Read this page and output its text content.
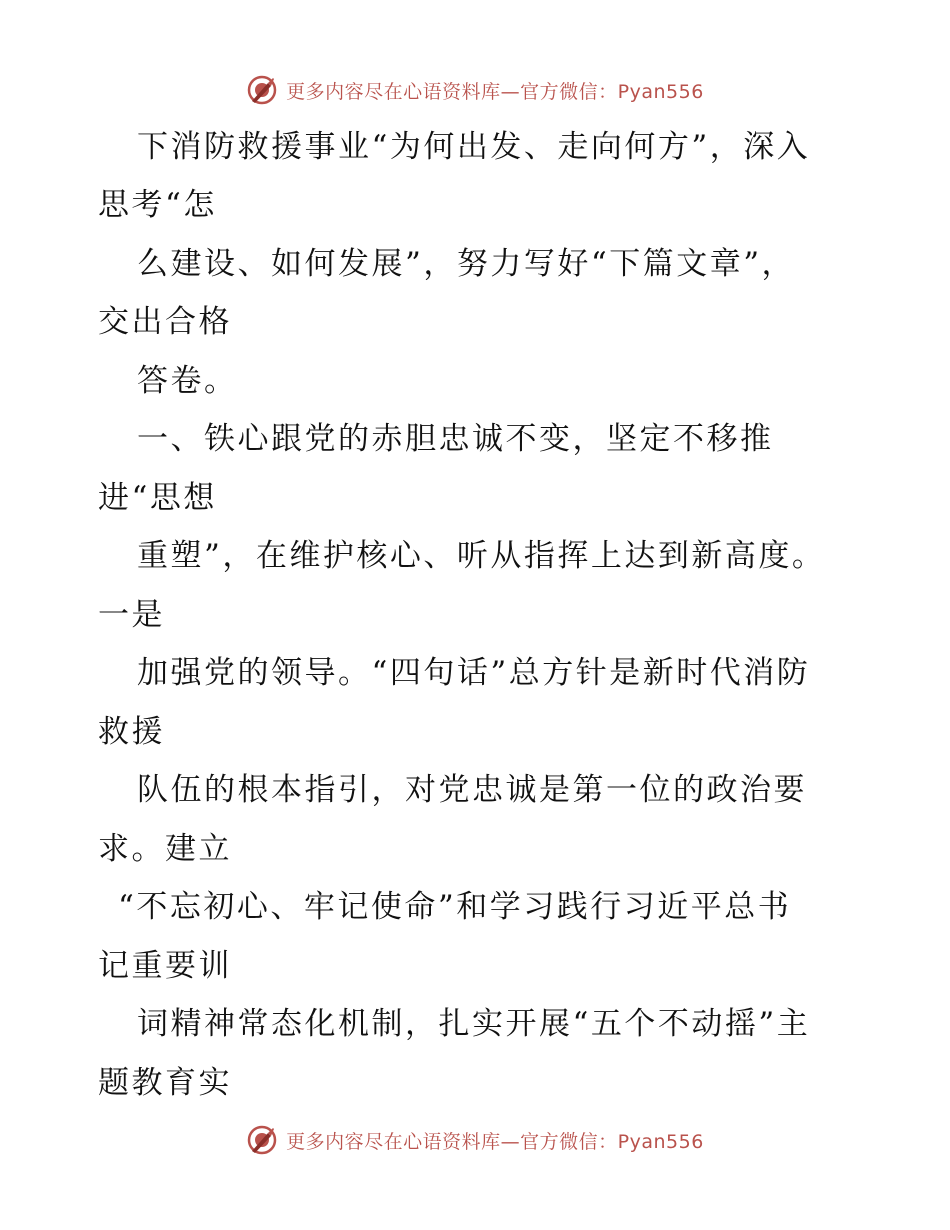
更多内容尽在心语资料库—官方微信：Pyan556
下消防救援事业“为何出发、走向何方”，深入
思考“怎
么建设、如何发展”，努力写好“下篇文章”，
交出合格
答卷。
一、铁心跟党的赤胆忠诚不变，坚定不移推
进“思想
重塑”，在维护核心、听从指挥上达到新高度。
一是
加强党的领导。“四句话”总方针是新时代消防
救援
队伍的根本指引，对党忠诚是第一位的政治要
求。建立
“不忘初心、牢记使命”和学习践行习近平总书
记重要训
词精神常态化机制，扎实开展“五个不动摇”主
题教育实
更多内容尽在心语资料库—官方微信：Pyan556
